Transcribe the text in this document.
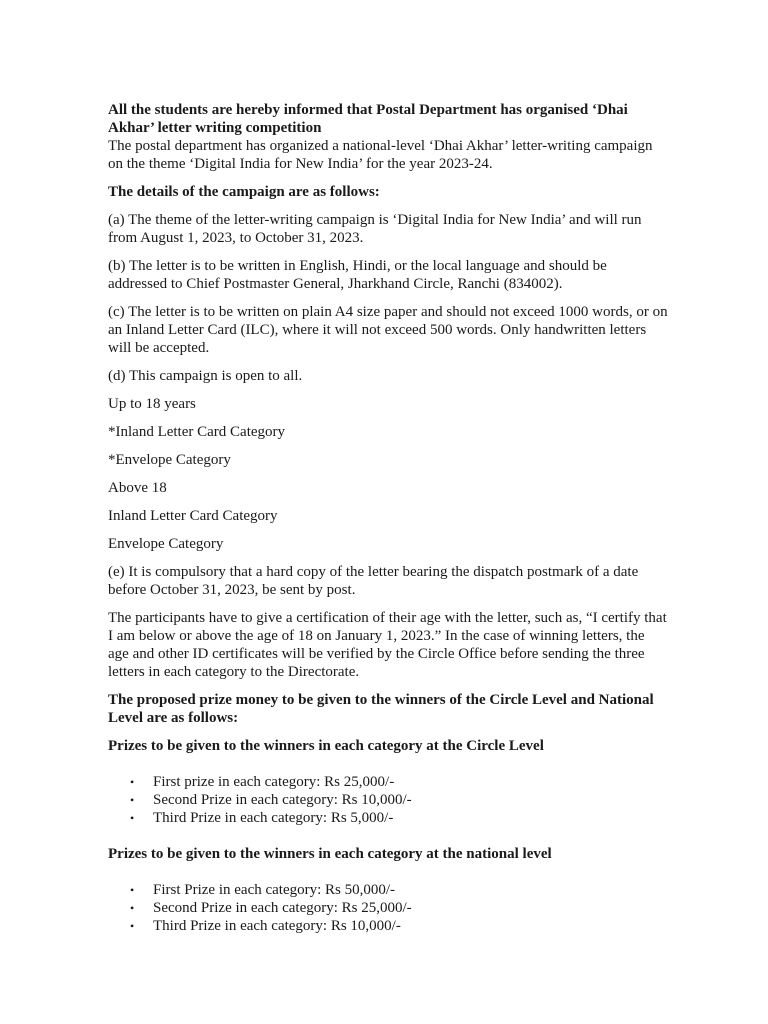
All the students are hereby informed that Postal Department has organised ‘Dhai Akhar’ letter writing competition

The postal department has organized a national-level ‘Dhai Akhar’ letter-writing campaign on the theme ‘Digital India for New India’ for the year 2023-24.

The details of the campaign are as follows:

(a) The theme of the letter-writing campaign is ‘Digital India for New India’ and will run from August 1, 2023, to October 31, 2023.

(b) The letter is to be written in English, Hindi, or the local language and should be addressed to Chief Postmaster General, Jharkhand Circle, Ranchi (834002).

(c) The letter is to be written on plain A4 size paper and should not exceed 1000 words, or on an Inland Letter Card (ILC), where it will not exceed 500 words. Only handwritten letters will be accepted.

(d) This campaign is open to all.

Up to 18 years

*Inland Letter Card Category

*Envelope Category

Above 18

Inland Letter Card Category

Envelope Category

(e) It is compulsory that a hard copy of the letter bearing the dispatch postmark of a date before October 31, 2023, be sent by post.

The participants have to give a certification of their age with the letter, such as, “I certify that I am below or above the age of 18 on January 1, 2023.” In the case of winning letters, the age and other ID certificates will be verified by the Circle Office before sending the three letters in each category to the Directorate.

The proposed prize money to be given to the winners of the Circle Level and National Level are as follows:

Prizes to be given to the winners in each category at the Circle Level

• First prize in each category: Rs 25,000/-
• Second Prize in each category: Rs 10,000/-
• Third Prize in each category: Rs 5,000/-

Prizes to be given to the winners in each category at the national level

• First Prize in each category: Rs 50,000/-
• Second Prize in each category: Rs 25,000/-
• Third Prize in each category: Rs 10,000/-
